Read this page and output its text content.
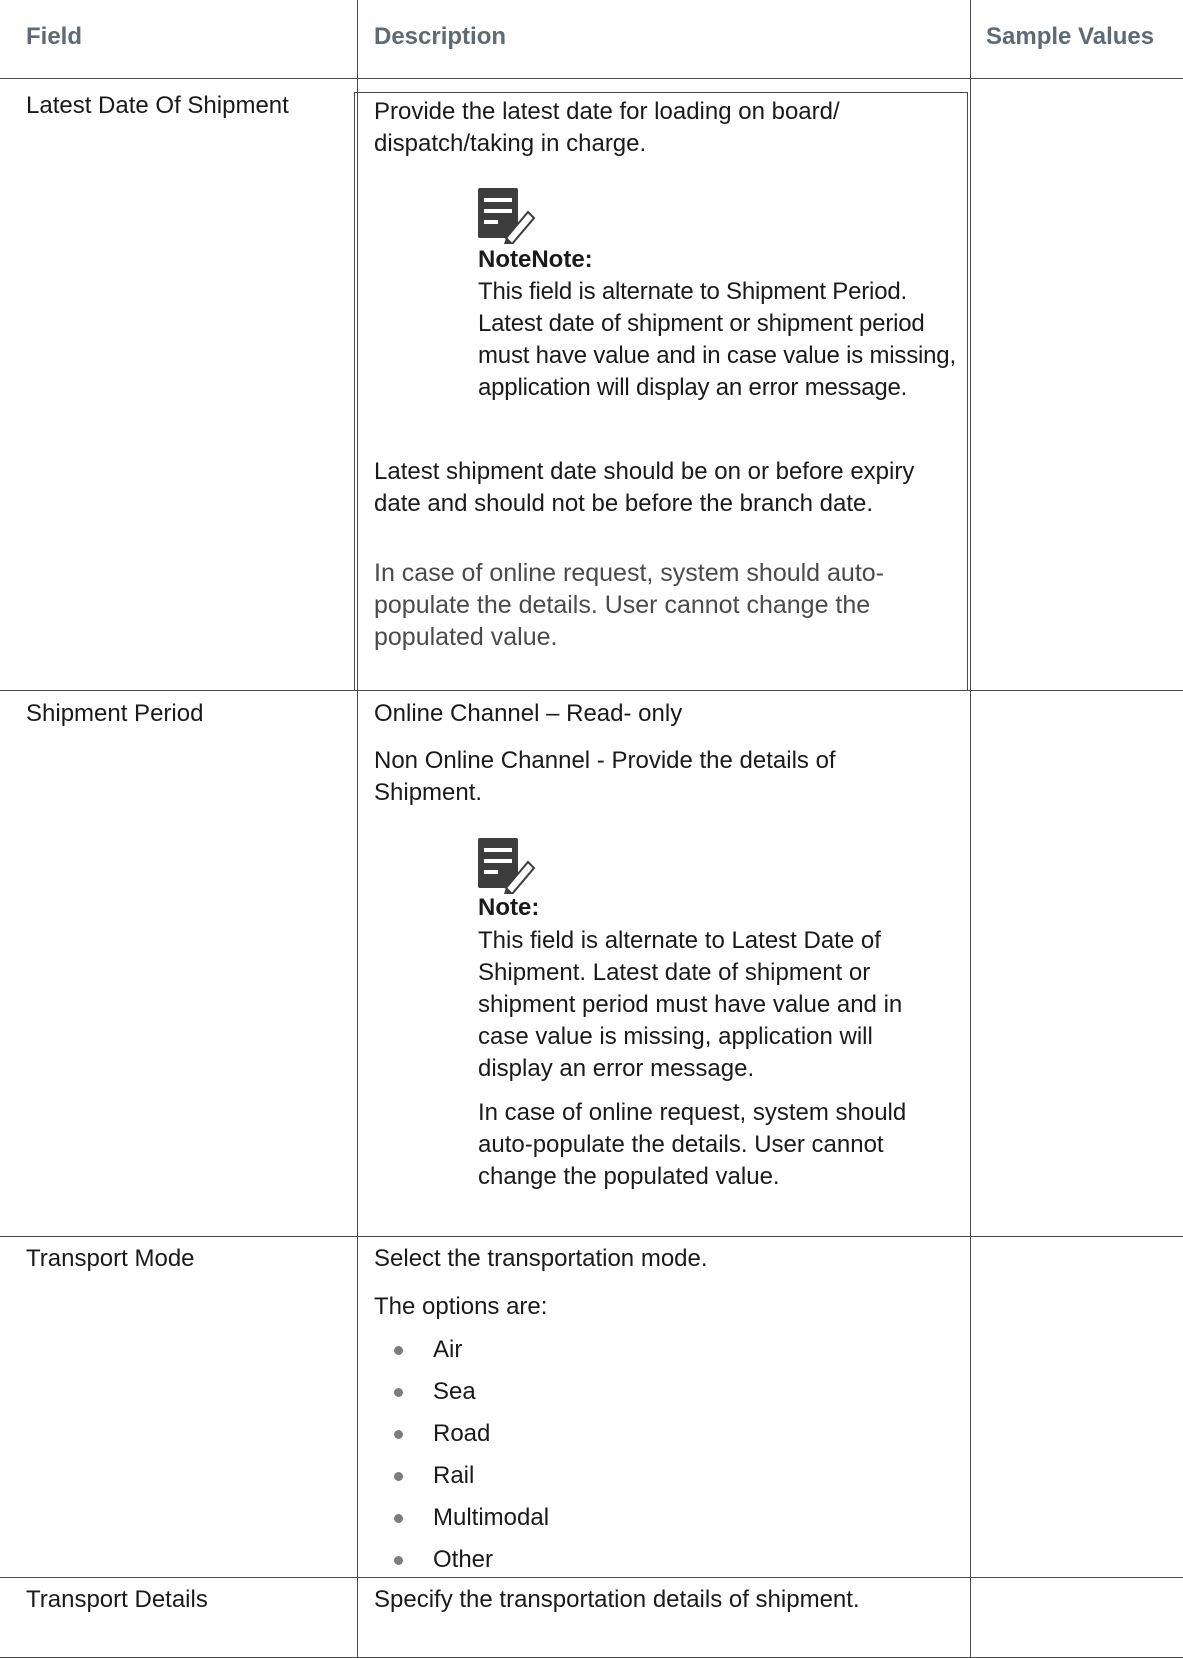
Field	Description	Sample Values
Latest Date Of Shipment	Provide the latest date for loading on board/ dispatch/taking in charge.
NoteNote:
This field is alternate to Shipment Period. Latest date of shipment or shipment period must have value and in case value is missing, application will display an error message.
Latest shipment date should be on or before expiry date and should not be before the branch date.
In case of online request, system should auto-populate the details. User cannot change the populated value.
Shipment Period	Online Channel – Read- only
Non Online Channel - Provide the details of Shipment.
Note:
This field is alternate to Latest Date of Shipment. Latest date of shipment or shipment period must have value and in case value is missing, application will display an error message.
In case of online request, system should auto-populate the details. User cannot change the populated value.
Transport Mode	Select the transportation mode.
The options are:
Air
Sea
Road
Rail
Multimodal
Other
Transport Details	Specify the transportation details of shipment.
